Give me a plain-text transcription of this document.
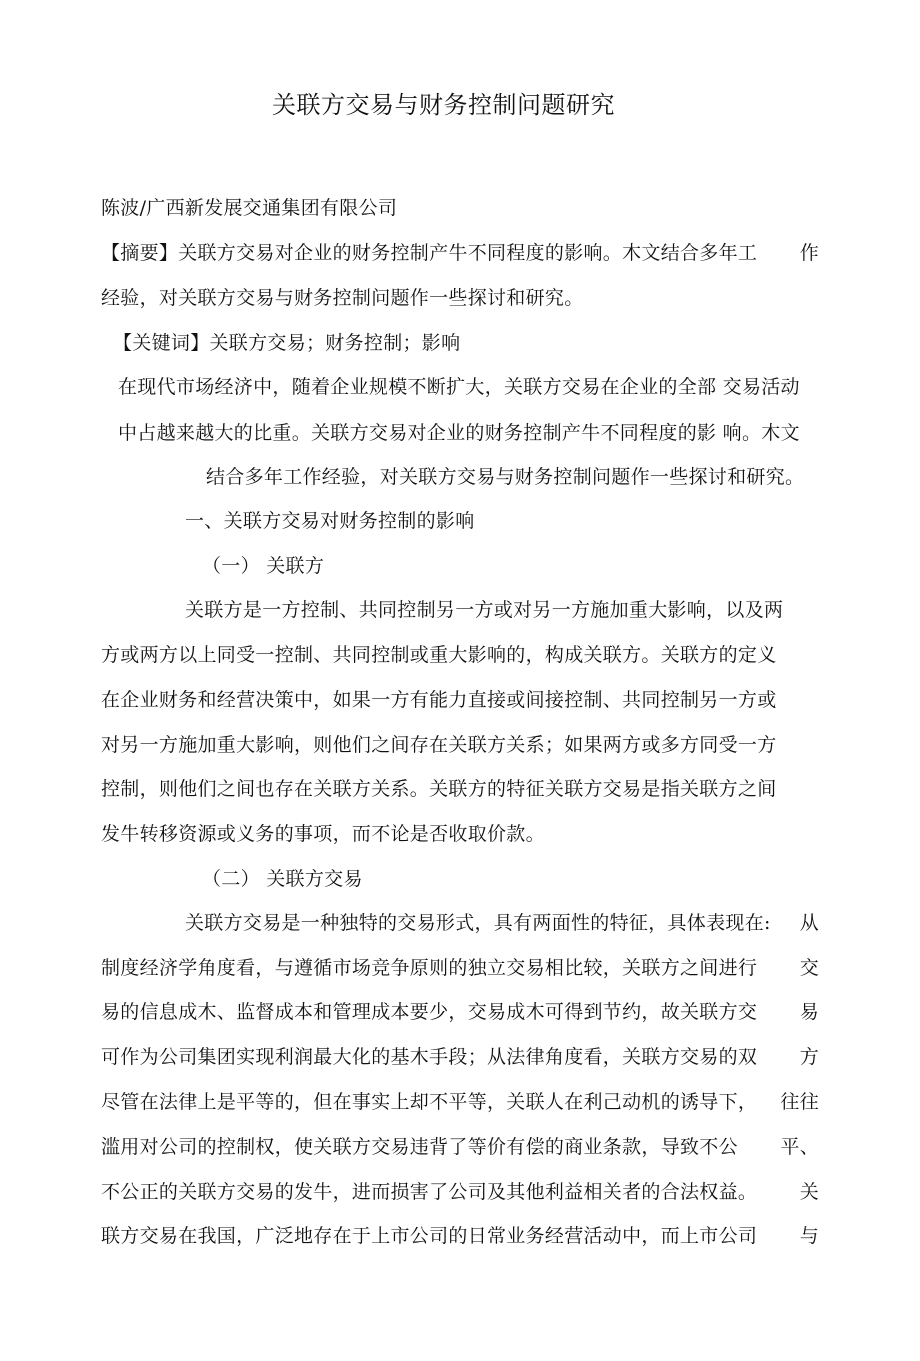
关联方交易与财务控制问题研究
陈波/广西新发展交通集团有限公司
【摘要】关联方交易对企业的财务控制产牛不同程度的影响。木文结合多年工 作
经验，对关联方交易与财务控制问题作一些探讨和研究。
【关键词】关联方交易；财务控制；影响
在现代市场经济中，随着企业规模不断扩大，关联方交易在企业的全部 交易活动
中占越来越大的比重。关联方交易对企业的财务控制产牛不同程度的影 响。木文
结合多年工作经验，对关联方交易与财务控制问题作一些探讨和研究。
一、关联方交易对财务控制的影响
（一） 关联方
关联方是一方控制、共同控制另一方或对另一方施加重大影响，以及两
方或两方以上同受一控制、共同控制或重大影响的，构成关联方。关联方的定义
在企业财务和经营决策中，如果一方有能力直接或间接控制、共同控制另一方或
对另一方施加重大影响，则他们之间存在关联方关系；如果两方或多方同受一方
控制，则他们之间也存在关联方关系。关联方的特征关联方交易是指关联方之间
发牛转移资源或义务的事项，而不论是否收取价款。
（二） 关联方交易
关联方交易是一种独特的交易形式，具有两面性的特征，具体表现在: 从
制度经济学角度看，与遵循市场竞争原则的独立交易相比较，关联方之间进行 交
易的信息成木、监督成本和管理成本要少，交易成木可得到节约，故关联方交 易
可作为公司集团实现利润最大化的基木手段；从法律角度看，关联方交易的双 方
尽管在法律上是平等的，但在事实上却不平等，关联人在利己动机的诱导下， 往往
滥用对公司的控制权，使关联方交易违背了等价有偿的商业条款，导致不公 平、
不公正的关联方交易的发牛，进而损害了公司及其他利益相关者的合法权益。 关
联方交易在我国，广泛地存在于上市公司的日常业务经营活动中，而上市公司 与
